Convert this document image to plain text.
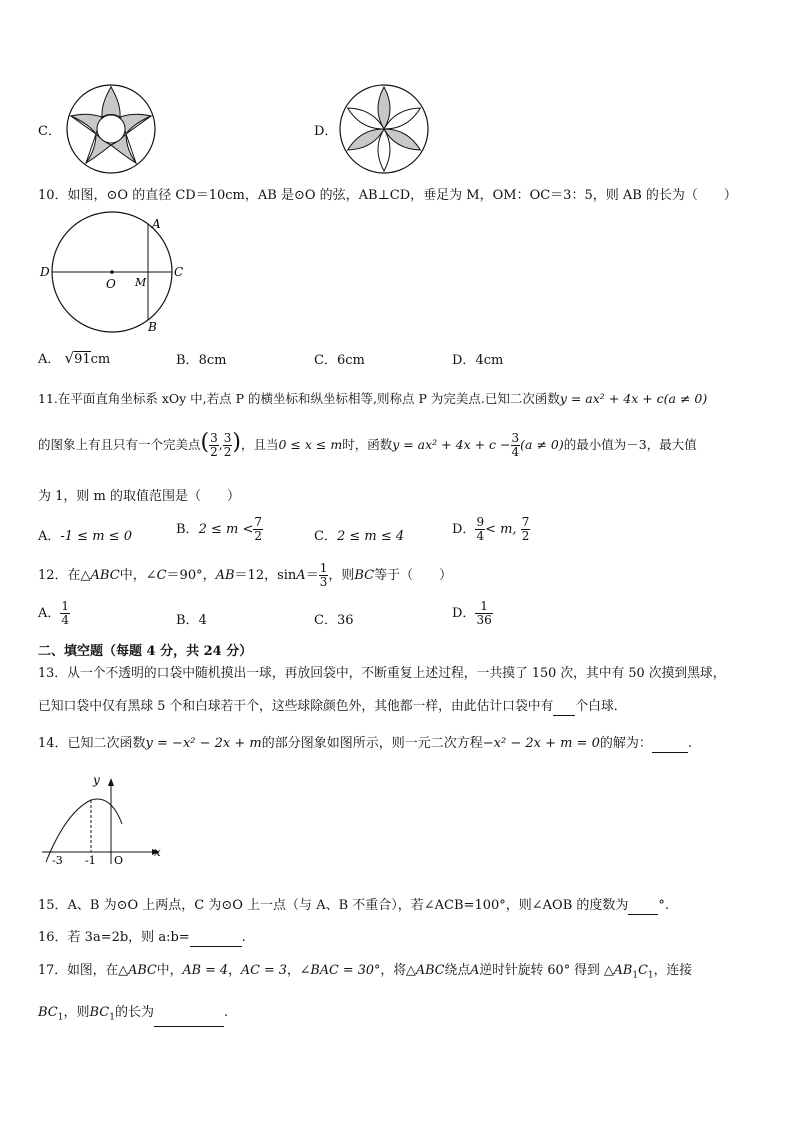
C．	D．
10．如图，⊙O 的直径 CD＝10cm，AB 是⊙O 的弦，AB⊥CD，垂足为 M，OM：OC＝3：5，则 AB 的长为（　　）
A
B
C
D
O M
A． √91cm	B．8cm	C．6cm	D．4cm
11.在平面直角坐标系 xOy 中,若点 P 的横坐标和纵坐标相等,则称点 P 为完美点.已知二次函数y = ax² + 4x + c(a ≠ 0)
的图象上有且只有一个完美点( $\frac{3}{2}$ , $\frac{3}{2}$ )，且当0 ≤ x ≤ m时，函数$y = ax^2 + 4x + c - \frac{3}{4} (a \ne 0)$的最小值为－3，最大值
为 1，则 m 的取值范围是（　　）
A．-1 ≤ m ≤ 0	B．$2 \le m < \frac{7}{2}$	C．2 ≤ m ≤ 4	D． $\frac{9}{4} < m$, $\frac{7}{2}$
12．在△ABC中，∠C＝90°，AB＝12，$\sin A= \frac{1}{3}$ ，则BC等于（　　）
A． $\frac{1}{4}$	B．4	C．36	D． $\frac{1}{36}$
二、填空题（每题 4 分，共 24 分）
13．从一个不透明的口袋中随机摸出一球，再放回袋中，不断重复上述过程，一共摸了 150 次，其中有 50 次摸到黑球，
已知口袋中仅有黑球 5 个和白球若干个，这些球除颜色外，其他都一样，由此估计口袋中有 个白球．
14．已知二次函数y = −x² − 2x + m的部分图象如图所示，则一元二次方程−x² − 2x + m = 0的解为：	.
y
x
-3 -1 O
15．A、B 为⊙O 上两点，C 为⊙O 上一点（与 A、B 不重合），若∠ACB=100°，则∠AOB 的度数为 °.
16．若 3a=2b，则 a:b=	.
17．如图，在△ABC中，AB = 4，AC = 3，∠BAC = 30°，将△ABC绕点A逆时针旋转 60° 得到 $\triangle AB_1C_1$，连接
$BC_1$，则$BC_1$的长为	.
